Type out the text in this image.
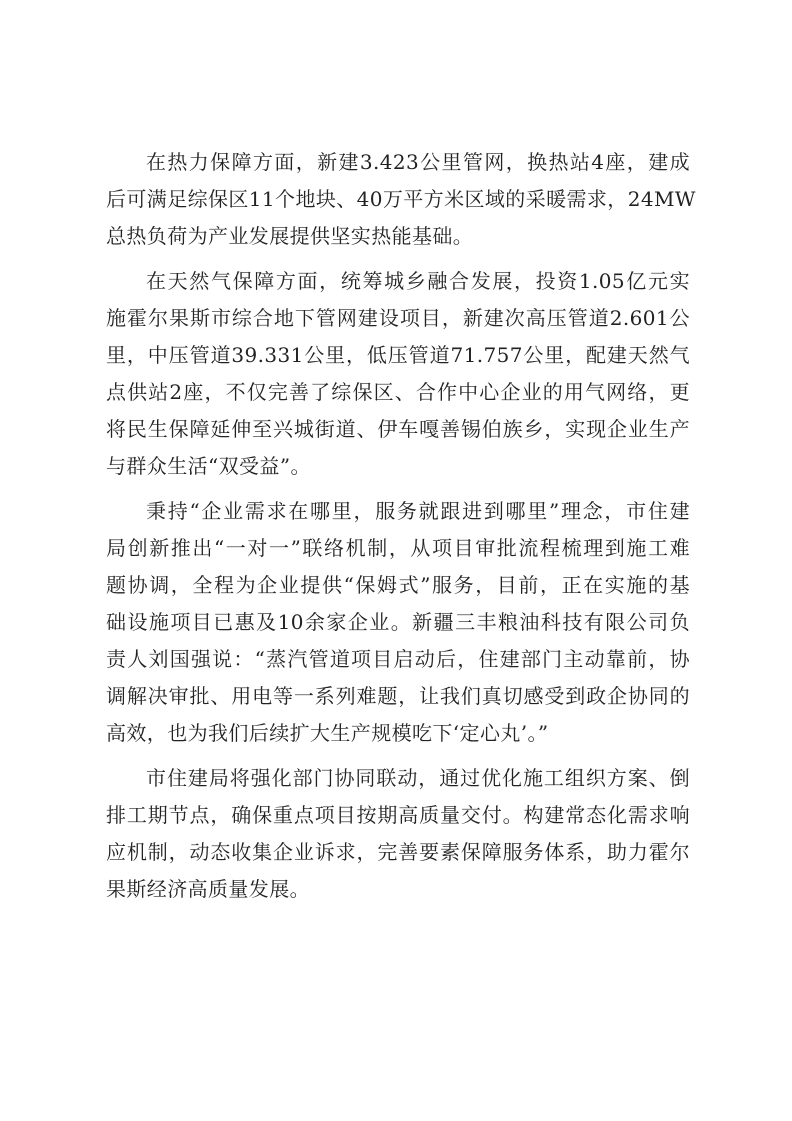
在热力保障方面，新建3.423公里管网，换热站4座，建成
后可满足综保区11个地块、40万平方米区域的采暖需求，24MW
总热负荷为产业发展提供坚实热能基础。

在天然气保障方面，统筹城乡融合发展，投资1.05亿元实
施霍尔果斯市综合地下管网建设项目，新建次高压管道2.601公
里，中压管道39.331公里，低压管道71.757公里，配建天然气
点供站2座，不仅完善了综保区、合作中心企业的用气网络，更
将民生保障延伸至兴城街道、伊车嘎善锡伯族乡，实现企业生产
与群众生活“双受益”。

秉持“企业需求在哪里，服务就跟进到哪里”理念，市住建
局创新推出“一对一”联络机制，从项目审批流程梳理到施工难
题协调，全程为企业提供“保姆式”服务，目前，正在实施的基
础设施项目已惠及10余家企业。新疆三丰粮油科技有限公司负
责人刘国强说：“蒸汽管道项目启动后，住建部门主动靠前，协
调解决审批、用电等一系列难题，让我们真切感受到政企协同的
高效，也为我们后续扩大生产规模吃下‘定心丸’。”

市住建局将强化部门协同联动，通过优化施工组织方案、倒
排工期节点，确保重点项目按期高质量交付。构建常态化需求响
应机制，动态收集企业诉求，完善要素保障服务体系，助力霍尔
果斯经济高质量发展。
